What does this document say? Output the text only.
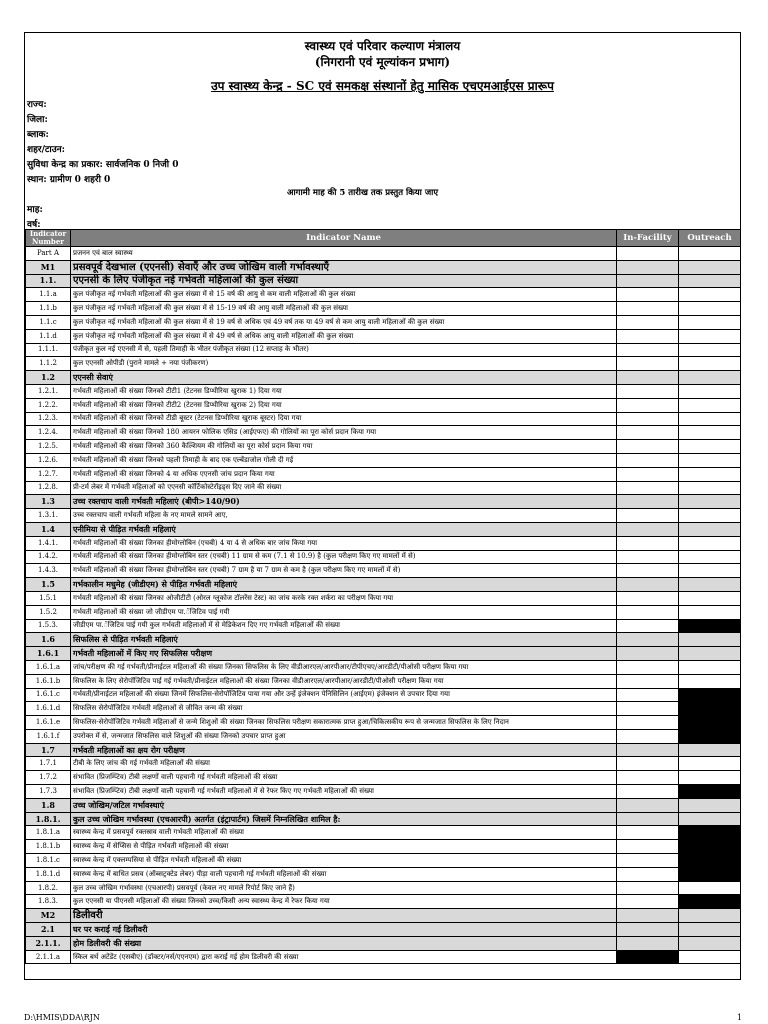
स्वास्थ्य एवं परिवार कल्याण मंत्रालय
(निगरानी एवं मूल्यांकन प्रभाग)
उप स्वास्थ्य केन्द्र - SC एवं समकक्ष संस्थानों हेतु मासिक एचएमआईएस प्रारूप
राज्य:
जिला:
ब्लाक:
शहर/टाउन:
सुविधा केन्द्र का प्रकार: सार्वजनिक 0 निजी 0
स्थान: ग्रामीण 0 शहरी 0
आगामी माह की 5 तारीख तक प्रस्तुत किया जाए
माह:
वर्ष:
Indicator Number	Indicator Name	In-Facility	Outreach
Part A	प्रजनन एवं बाल स्वास्थ्य		
M1	प्रसवपूर्व देखभाल (एएनसी) सेवाएँ और उच्च जोखिम वाली गर्भावस्थाएँ		
1.1.	एएनसी के लिए पंजीकृत नई गर्भवती महिलाओं की कुल संख्या		
1.1.a	कुल पंजीकृत नई गर्भवती महिलाओं की कुल संख्या में से 15 वर्ष की आयु से कम वाली महिलाओं की कुल संख्या		
1.1.b	कुल पंजीकृत नई गर्भवती महिलाओं की कुल संख्या में से 15-19 वर्ष की आयु वाली महिलाओं की कुल संख्या		
1.1.c	कुल पंजीकृत नई गर्भवती महिलाओं की कुल संख्या में से 19 वर्ष से अधिक एवं 49 वर्ष तक या 49 वर्ष से कम आयु वाली महिलाओं की कुल संख्या		
1.1.d	कुल पंजीकृत नई गर्भवती महिलाओं की कुल संख्या में से 49 वर्ष से अधिक आयु वाली महिलाओं की कुल संख्या		
1.1.1.	पंजीकृत कुल नई एएनसी में से, पहली तिमाही के भीतर पंजीकृत संख्या (12 सप्ताह के भीतर)		
1.1.2	कुल एएनसी ओपीडी (पुराने मामले + नया पंजीकरण)		
1.2	एएनसी सेवाएं		
1.2.1.	गर्भवती महिलाओं की संख्या जिनको टीटी1 (टेटनस डिप्थीरिया खुराक 1) दिया गया		
1.2.2.	गर्भवती महिलाओं की संख्या जिनको टीटी2 (टेटनस डिप्थीरिया खुराक 2) दिया गया		
1.2.3.	गर्भवती महिलाओं की संख्या जिनको टीडी बूस्टर (टेटनस डिप्थीरिया खुराक बूस्टर) दिया गया		
1.2.4.	गर्भवती महिलाओं की संख्या जिनको 180 आयरन फोलिक एसिड (आईएफए) की गोलियों का पूरा कोर्स प्रदान किया गया		
1.2.5.	गर्भवती महिलाओं की संख्या जिनको 360 कैल्शियम की गोलियों का पूरा कोर्स प्रदान किया गया		
1.2.6.	गर्भवती महिलाओं की संख्या जिनको पहली तिमाही के बाद एक एल्बेंडाजोल गोली दी गई		
1.2.7.	गर्भवती महिलाओं की संख्या जिनको 4 या अधिक एएनसी जांच प्रदान किया गया		
1.2.8.	प्री-टर्म लेबर में गर्भवती महिलाओं को एएनसी कॉर्टिकोस्टेरॉइड्स दिए जाने की संख्या		
1.3	उच्च रक्तचाप वाली गर्भवती महिलाएं (बीपी>140/90)		
1.3.1.	उच्च रक्तचाप वाली गर्भवती महिला के नए मामले सामने आए,		
1.4	एनीमिया से पीड़ित गर्भवती महिलाएं		
1.4.1.	गर्भवती महिलाओं की संख्या जिनका हीमोग्लोबिन (एचबी) 4 या 4 से अधिक बार जांच किया गया		
1.4.2.	गर्भवती महिलाओं की संख्या जिनका हीमोग्लोबिन स्तर (एचबी) 11 ग्राम से कम (7.1 से 10.9) है (कुल परीक्षण किए गए मामलों में से)		
1.4.3.	गर्भवती महिलाओं की संख्या जिनका हीमोग्लोबिन स्तर (एचबी) 7 ग्राम है या 7 ग्राम से कम है (कुल परीक्षण किए गए मामलों में से)		
1.5	गर्भकालीन मधुमेह (जीडीएम) से पीड़ित गर्भवती महिलाएं		
1.5.1	गर्भवती महिलाओं की संख्या जिनका ओजीटीटी (ओरल ग्लूकोज टॉलरेंस टेस्ट) का जांच करके रक्त शर्करा का परीक्षण किया गया		
1.5.2	गर्भवती महिलाओं की संख्या जो जीडीएम पा.ॅजिटिव पाई गयी		
1.5.3.	जीडीएम पा.ॅजिटिव पाई गयी कुल गर्भवती महिलाओं में से मेडिकेशन दिए गए गर्भवती महिलाओं की संख्या		
1.6	सिफलिस से पीड़ित गर्भवती महिलाएं		
1.6.1	गर्भवती महिलाओं में किए गए सिफलिस परीक्षण		
1.6.1.a	जांच/परीक्षण की गई गर्भवती/प्रीनाईटल महिलाओं की संख्या जिनका सिफलिस के लिए वीडीआरएल/आरपीआर/टीपीएचए/आरडीटी/पीओसी परीक्षण किया गया		
1.6.1.b	सिफलिस के लिए सेरोपॉजिटिव पाई गई गर्भवती/प्रीनाईटल महिलाओं की संख्या जिनका वीडीआरएल/आरपीआर/आरडीटी/पीओसी परीक्षण किया गया		
1.6.1.c	गर्भवती/प्रीनाईटल महिलाओं की संख्या जिनमें सिफलिस-सेरोपॉजिटिव पाया गया और उन्हें इंजेक्शन पेनिसिलिन (आईएम) इंजेक्शन से उपचार दिया गया		
1.6.1.d	सिफलिस सेरोपॉजिटिव गर्भवती महिलाओं से जीवित जन्म की संख्या		
1.6.1.e	सिफलिस-सेरोपॉजिटिव गर्भवती महिलाओं से जन्मे शिशुओं की संख्या जिनका सिफलिस परीक्षण सकारात्मक प्राप्त हुआ/चिकित्सकीय रूप से जन्मजात सिफलिस के लिए निदान		
1.6.1.f	उपरोक्त में से, जन्मजात सिफलिस वाले शिशुओं की संख्या जिनको उपचार प्राप्त हुआ		
1.7	गर्भवती महिलाओं का क्षय रोग परीक्षण		
1.7.1	टीबी के लिए जांच की गई गर्भवती महिलाओं की संख्या		
1.7.2	संभावित (प्रिजम्प्टिव) टीबी लक्षणों वाली पहचानी गई गर्भवती महिलाओं की संख्या		
1.7.3	संभावित (प्रिजम्प्टिव) टीबी लक्षणों वाली पहचानी गई गर्भवती महिलाओं में से रेफर किए गए गर्भवती महिलाओं की संख्या		
1.8	उच्च जोखिम/जटिल गर्भावस्थाएं		
1.8.1.	कुल उच्च जोखिम गर्भावस्था (एचआरपी) अतर्गत (इंट्रापार्टम) जिसमें निम्नलिखित शामिल है:		
1.8.1.a	स्वास्थ्य केन्द्र में प्रसवपूर्व रक्तस्राव वाली गर्भवती महिलाओं की संख्या		
1.8.1.b	स्वास्थ्य केन्द्र में सेप्सिस से पीड़ित गर्भवती महिलाओं की संख्या		
1.8.1.c	स्वास्थ्य केन्द्र में एक्लम्पसिया से पीड़ित गर्भवती महिलाओं की संख्या		
1.8.1.d	स्वास्थ्य केन्द्र में बाधित प्रसव (ऑब्सट्रक्टेड लेबर) पीड़ा वाली पहचानी गई गर्भवती महिलाओं की संख्या		
1.8.2.	कुल उच्च जोखिम गर्भावस्था (एचआरपी) प्रसवपूर्व (केवल नए मामले रिपोर्ट किए जाने हैं)		
1.8.3.	कुल एएनसी या पीएनसी महिलाओं की संख्या जिनको उच्च/किसी अन्य स्वास्थ्य केन्द्र में रेफर किया गया		
M2	डिलीवरी		
2.1	घर पर कराई गई डिलीवरी		
2.1.1.	होम डिलीवरी की संख्या		
2.1.1.a	स्किल बर्थ अटेंडेंट (एसबीए) (डॉक्टर/नर्स/एएनएम) द्वारा कराई गई होम डिलीवरी की संख्या		
D:\HMIS\DDA\RJN	1
